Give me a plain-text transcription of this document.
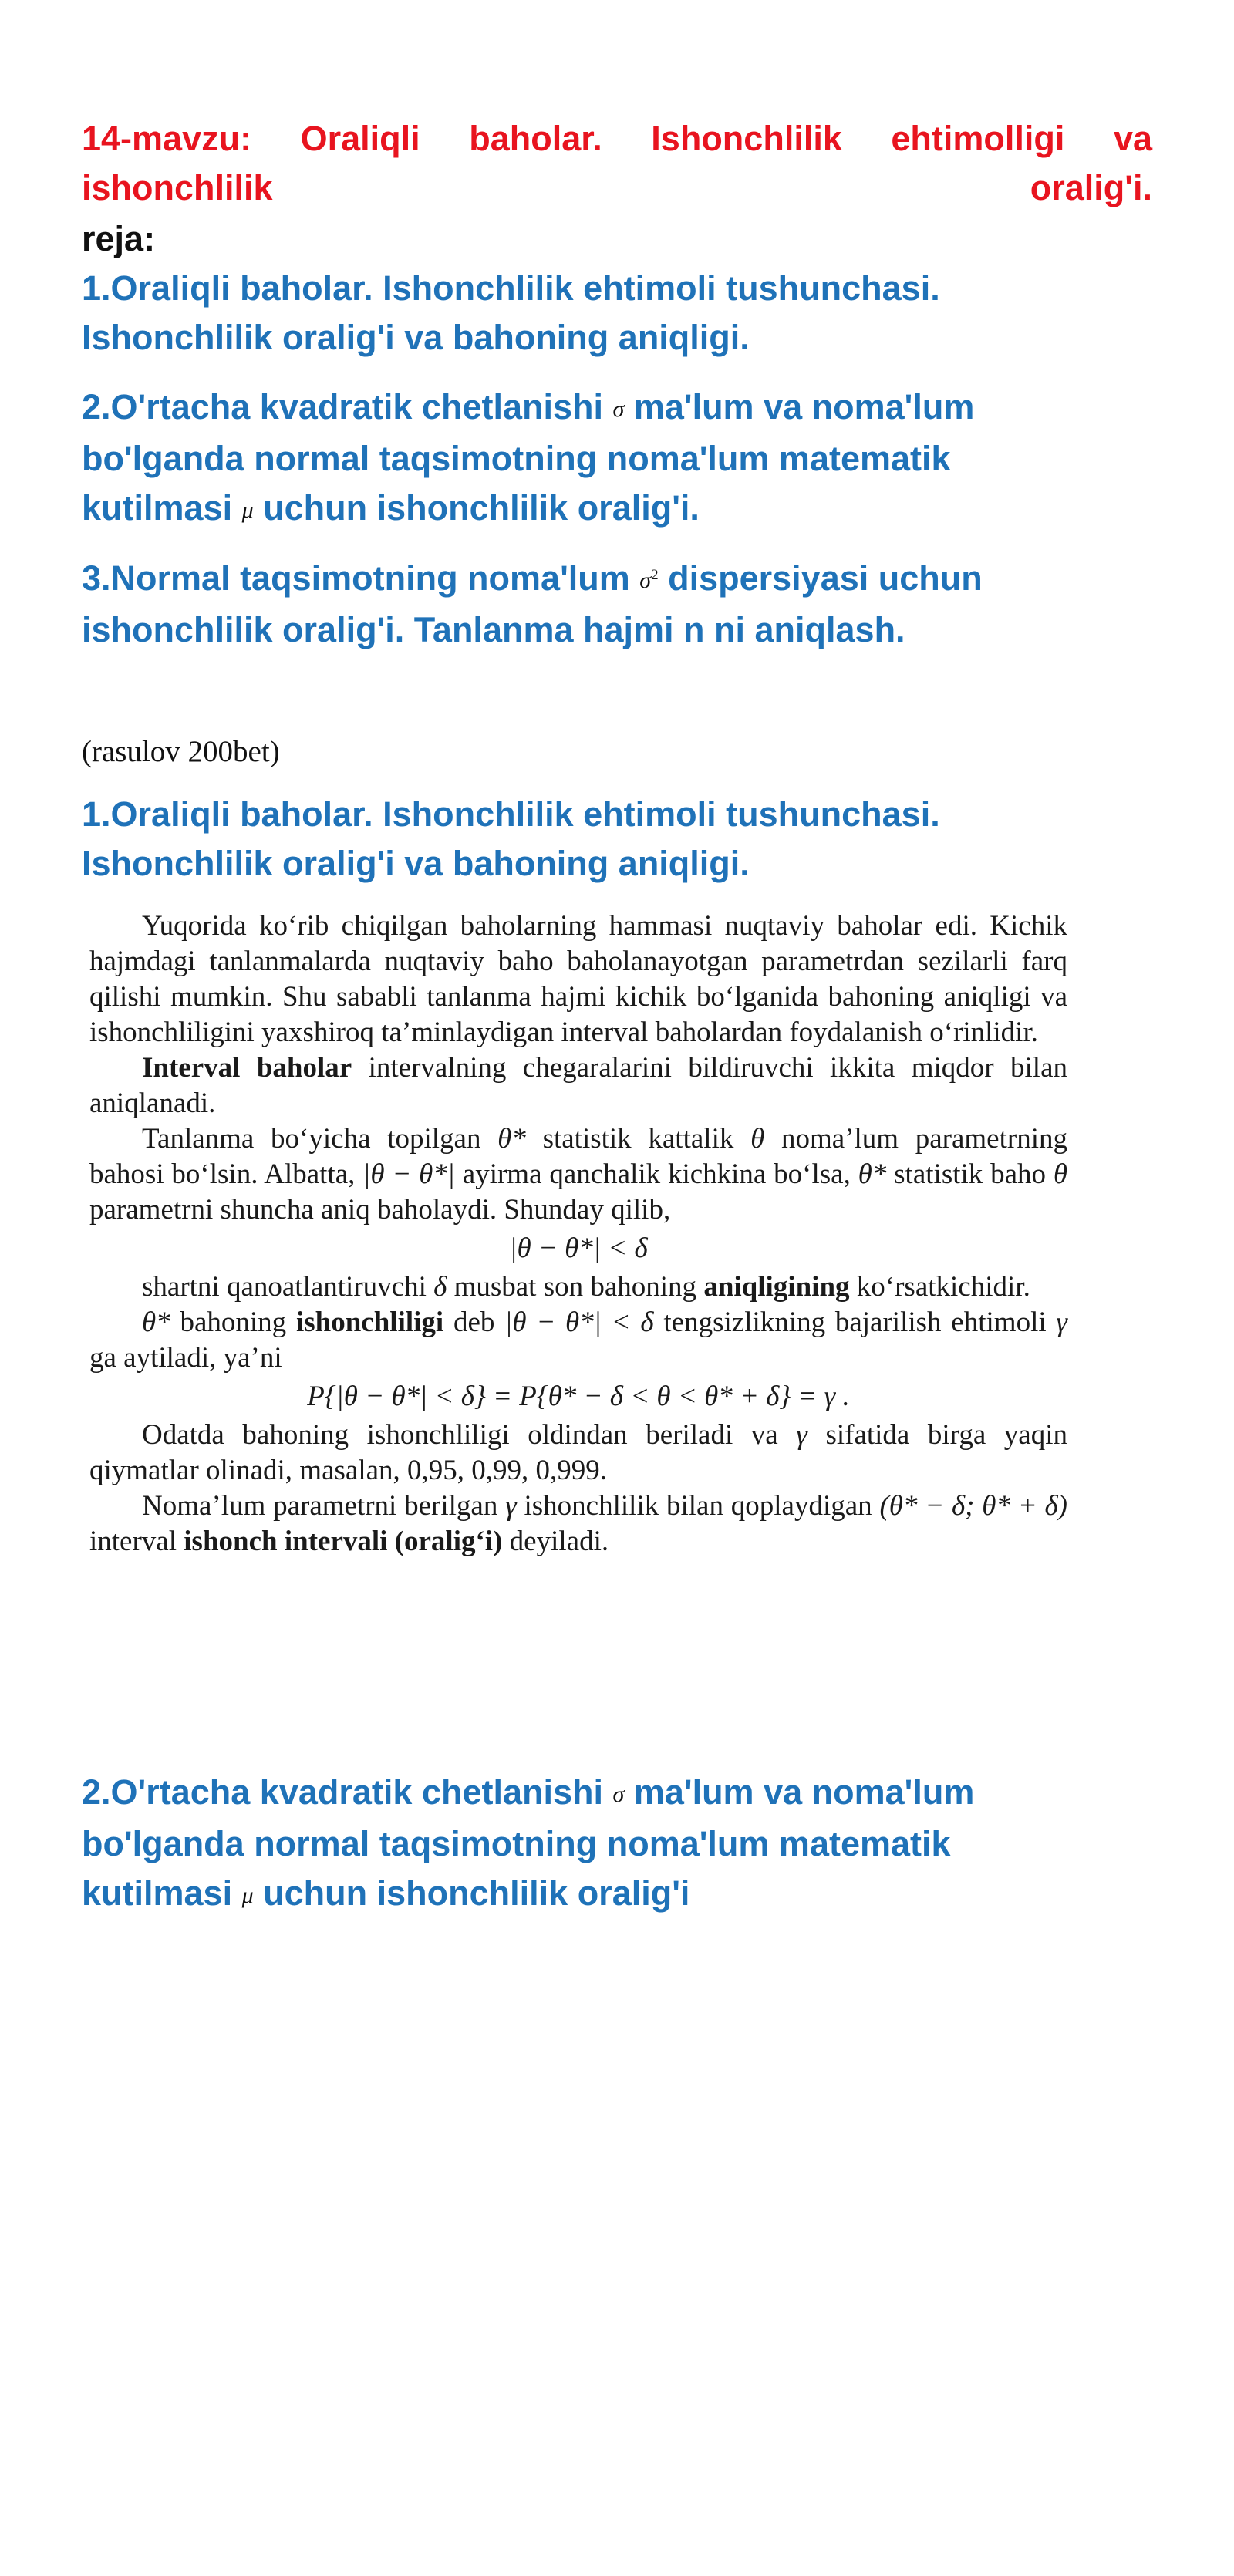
14-mavzu: Oraliqli baholar. Ishonchlilik ehtimolligi va ishonchlilik oralig'i.
reja:
1.Oraliqli baholar. Ishonchlilik ehtimoli tushunchasi.
Ishonchlilik oralig'i va bahoning aniqligi.
2.O'rtacha kvadratik chetlanishi σ ma'lum va noma'lum
bo'lganda normal taqsimotning noma'lum matematik
kutilmasi μ uchun ishonchlilik oralig'i.
3.Normal taqsimotning noma'lum $\sigma^2$ dispersiyasi uchun
ishonchlilik oralig'i. Tanlanma hajmi n ni aniqlash.
(rasulov 200bet)
1.Oraliqli baholar. Ishonchlilik ehtimoli tushunchasi.
Ishonchlilik oralig'i va bahoning aniqligi.

Yuqorida ko‘rib chiqilgan baholarning hammasi nuqtaviy baholar edi. Kichik hajmdagi tanlanmalarda nuqtaviy baho baholanayotgan parametrdan sezilarli farq qilishi mumkin. Shu sababli tanlanma hajmi kichik bo‘lganida bahoning aniqligi va ishonchliligini yaxshiroq ta’minlaydigan interval baholardan foydalanish o‘rinlidir.

Interval baholar intervalning chegaralarini bildiruvchi ikkita miqdor bilan aniqlanadi.

Tanlanma bo‘yicha topilgan θ* statistik kattalik θ noma’lum parametrning bahosi bo‘lsin. Albatta, |θ − θ*| ayirma qanchalik kichkina bo‘lsa, θ* statistik baho θ parametrni shuncha aniq baholaydi. Shunday qilib,

|θ − θ*| < δ

shartni qanoatlantiruvchi δ musbat son bahoning aniqligining ko‘rsatkichidir.

θ* bahoning ishonchliligi deb |θ − θ*| < δ tengsizlikning bajarilish ehtimoli γ ga aytiladi, ya’ni

P{|θ − θ*| < δ} = P{θ* − δ < θ < θ* + δ} = γ .

Odatda bahoning ishonchliligi oldindan beriladi va γ sifatida birga yaqin qiymatlar olinadi, masalan, 0,95, 0,99, 0,999.

Noma’lum parametrni berilgan γ ishonchlilik bilan qoplaydigan (θ* − δ; θ* + δ) interval ishonch intervali (oralig‘i) deyiladi.

2.O'rtacha kvadratik chetlanishi σ ma'lum va noma'lum
bo'lganda normal taqsimotning noma'lum matematik
kutilmasi μ uchun ishonchlilik oralig'i
